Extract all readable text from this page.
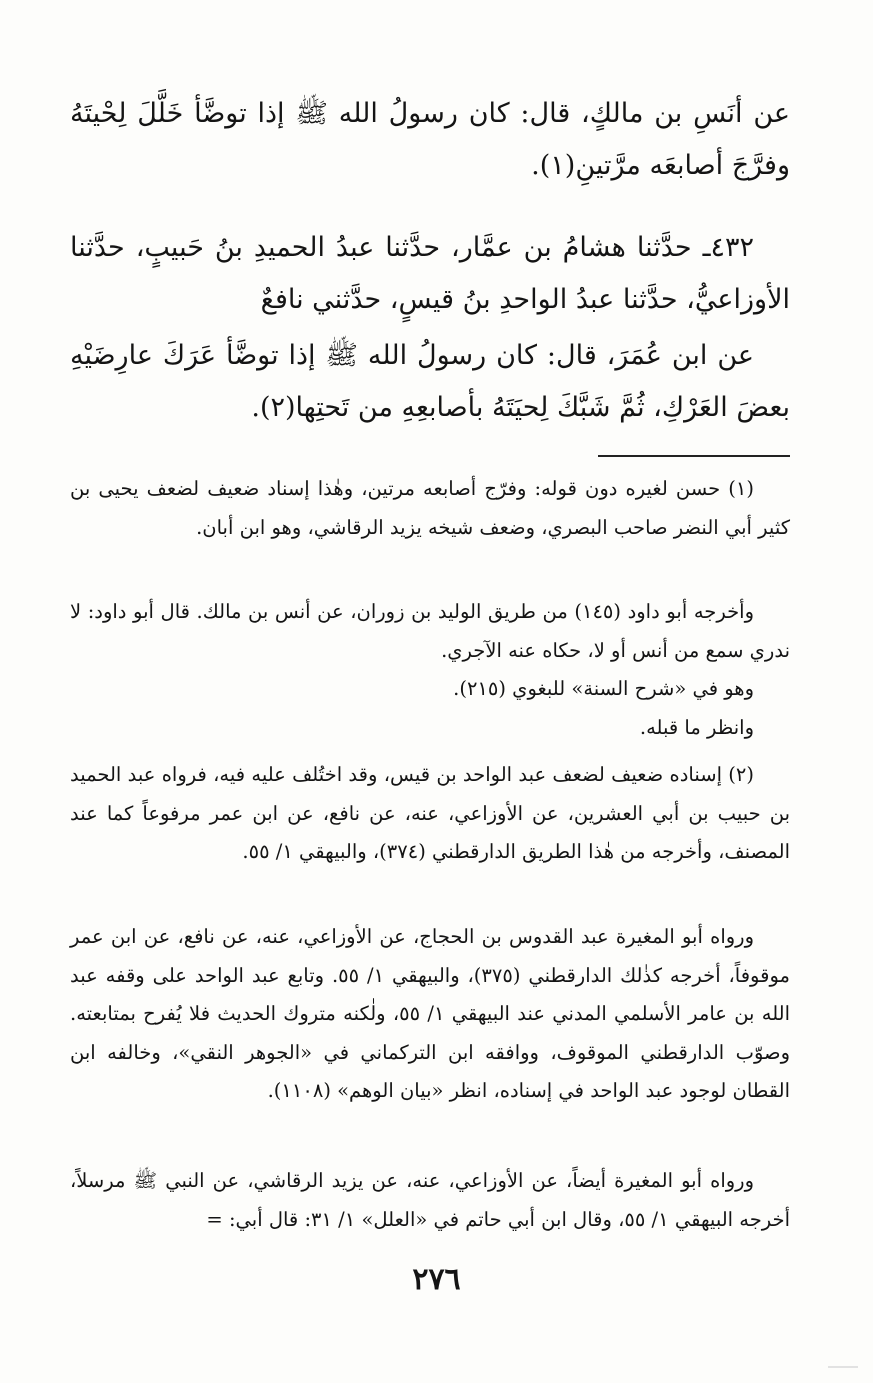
عن أنَسِ بن مالكٍ، قال: كان رسولُ الله ﷺ إذا توضَّأ خَلَّلَ لِحْيتَهُ وفرَّجَ أصابعَه مرَّتينِ(١).

٤٣٢ـ حدَّثنا هشامُ بن عمَّار، حدَّثنا عبدُ الحميدِ بنُ حَبيبٍ، حدَّثنا الأوزاعيُّ، حدَّثنا عبدُ الواحدِ بنُ قيسٍ، حدَّثني نافعٌ

عن ابن عُمَرَ، قال: كان رسولُ الله ﷺ إذا توضَّأ عَرَكَ عارِضَيْهِ بعضَ العَرْكِ، ثُمَّ شَبَّكَ لِحيَتَهُ بأصابعِهِ من تَحتِها(٢).

(١) حسن لغيره دون قوله: وفرّج أصابعه مرتين، وهٰذا إسناد ضعيف لضعف يحيى بن كثير أبي النضر صاحب البصري، وضعف شيخه يزيد الرقاشي، وهو ابن أبان.

وأخرجه أبو داود (١٤٥) من طريق الوليد بن زوران، عن أنس بن مالك. قال أبو داود: لا ندري سمع من أنس أو لا، حكاه عنه الآجري.

وهو في «شرح السنة» للبغوي (٢١٥).

وانظر ما قبله.

(٢) إسناده ضعيف لضعف عبد الواحد بن قيس، وقد اختُلف عليه فيه، فرواه عبد الحميد بن حبيب بن أبي العشرين، عن الأوزاعي، عنه، عن نافع، عن ابن عمر مرفوعاً كما عند المصنف، وأخرجه من هٰذا الطريق الدارقطني (٣٧٤)، والبيهقي ١/ ٥٥.

ورواه أبو المغيرة عبد القدوس بن الحجاج، عن الأوزاعي، عنه، عن نافع، عن ابن عمر موقوفاً، أخرجه كذٰلك الدارقطني (٣٧٥)، والبيهقي ١/ ٥٥. وتابع عبد الواحد على وقفه عبد الله بن عامر الأسلمي المدني عند البيهقي ١/ ٥٥، ولٰكنه متروك الحديث فلا يُفرح بمتابعته. وصوّب الدارقطني الموقوف، ووافقه ابن التركماني في «الجوهر النقي»، وخالفه ابن القطان لوجود عبد الواحد في إسناده، انظر «بيان الوهم» (١١٠٨).

ورواه أبو المغيرة أيضاً، عن الأوزاعي، عنه، عن يزيد الرقاشي، عن النبي ﷺ مرسلاً، أخرجه البيهقي ١/ ٥٥، وقال ابن أبي حاتم في «العلل» ١/ ٣١: قال أبي: =

٢٧٦
